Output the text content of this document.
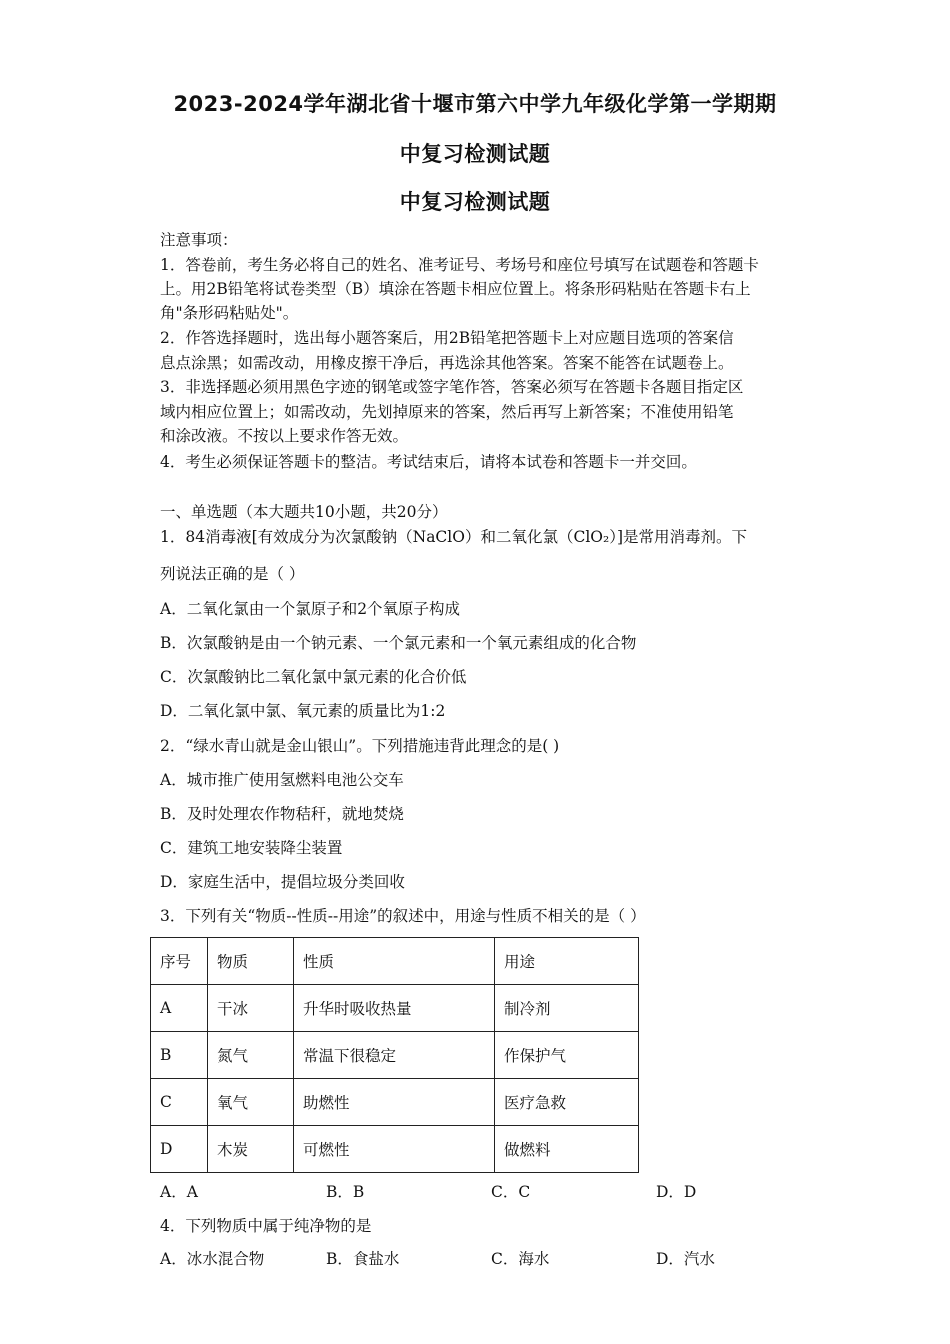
2023-2024学年湖北省十堰市第六中学九年级化学第一学期期
中复习检测试题
中复习检测试题
注意事项：
1．答卷前，考生务必将自己的姓名、准考证号、考场号和座位号填写在试题卷和答题卡
上。用2B铅笔将试卷类型（B）填涂在答题卡相应位置上。将条形码粘贴在答题卡右上
角"条形码粘贴处"。
2．作答选择题时，选出每小题答案后，用2B铅笔把答题卡上对应题目选项的答案信
息点涂黑；如需改动，用橡皮擦干净后，再选涂其他答案。答案不能答在试题卷上。
3．非选择题必须用黑色字迹的钢笔或签字笔作答，答案必须写在答题卡各题目指定区
域内相应位置上；如需改动，先划掉原来的答案，然后再写上新答案；不准使用铅笔
和涂改液。不按以上要求作答无效。
4．考生必须保证答题卡的整洁。考试结束后，请将本试卷和答题卡一并交回。
一、单选题（本大题共10小题，共20分）
1．84消毒液[有效成分为次氯酸钠（NaClO）和二氧化氯（ClO₂）]是常用消毒剂。下
列说法正确的是（ ）
A．二氧化氯由一个氯原子和2个氧原子构成
B．次氯酸钠是由一个钠元素、一个氯元素和一个氧元素组成的化合物
C．次氯酸钠比二氧化氯中氯元素的化合价低
D．二氧化氯中氯、氧元素的质量比为1:2
2．“绿水青山就是金山银山”。下列措施违背此理念的是( )
A．城市推广使用氢燃料电池公交车
B．及时处理农作物秸秆，就地焚烧
C．建筑工地安装降尘装置
D．家庭生活中，提倡垃圾分类回收
3．下列有关“物质--性质--用途”的叙述中，用途与性质不相关的是（ ）
序号	物质	性质	用途
A	干冰	升华时吸收热量	制冷剂
B	氮气	常温下很稳定	作保护气
C	氧气	助燃性	医疗急救
D	木炭	可燃性	做燃料
A．A	B．B	C．C	D．D
4．下列物质中属于纯净物的是
A．冰水混合物	B．食盐水	C．海水	D．汽水
